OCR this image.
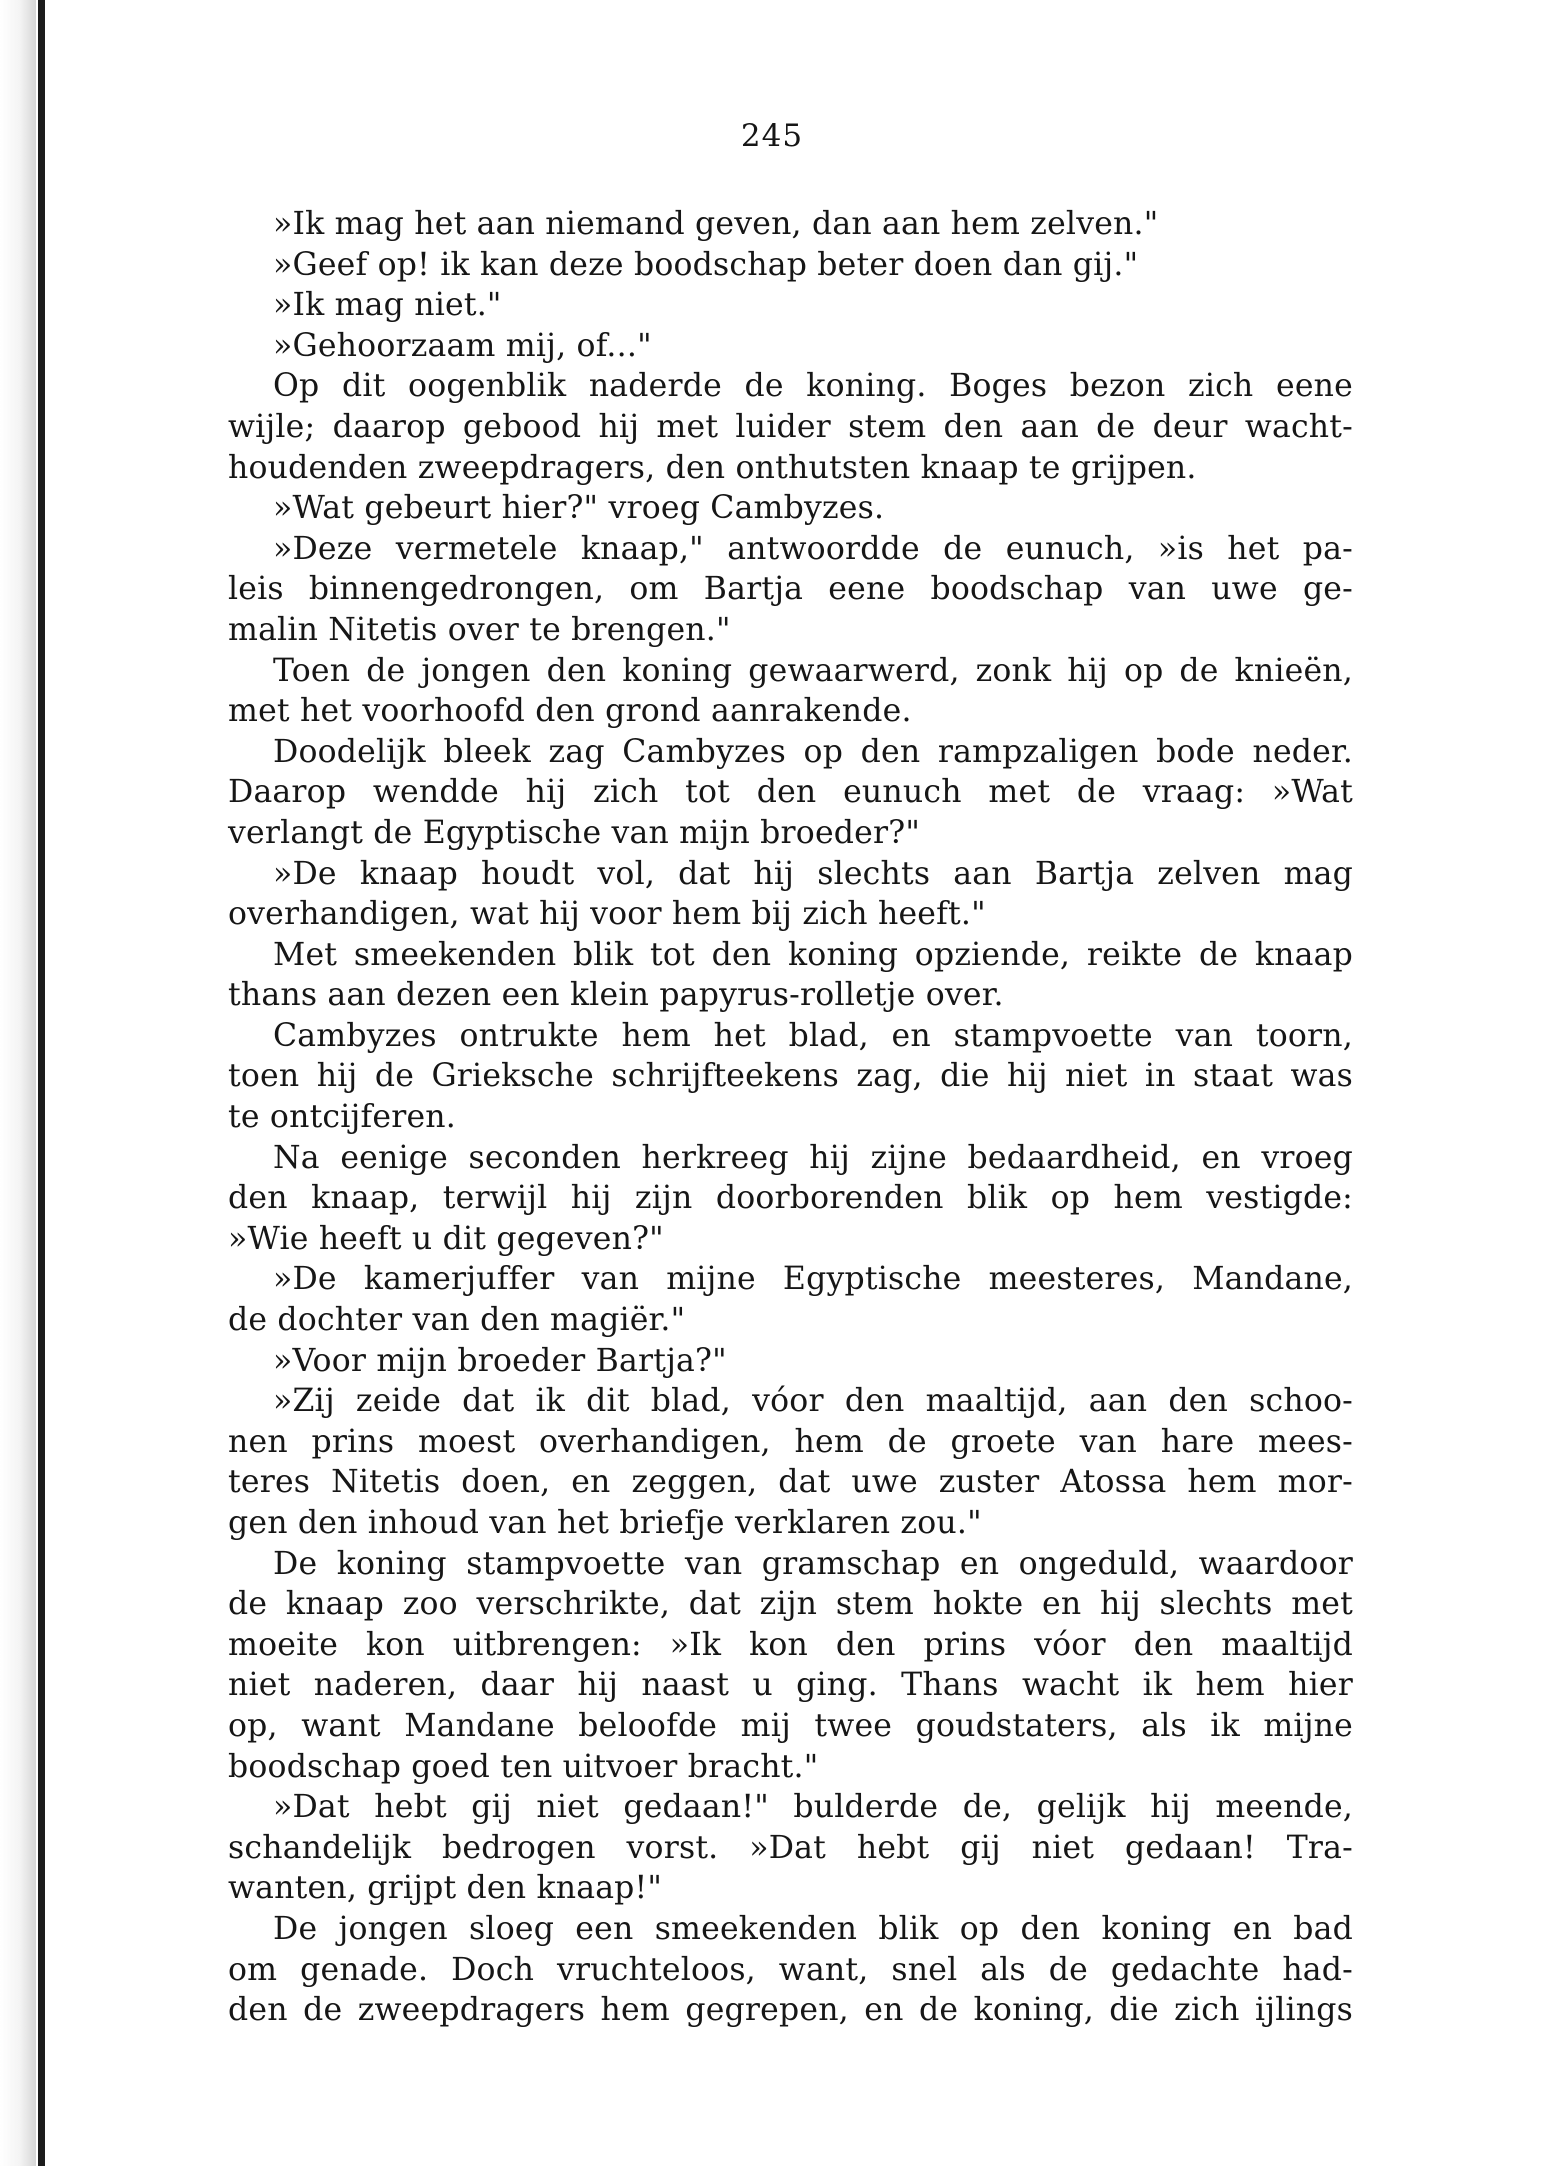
245
»Ik mag het aan niemand geven, dan aan hem zelven."
»Geef op! ik kan deze boodschap beter doen dan gij."
»Ik mag niet."
»Gehoorzaam mij, of..."
Op dit oogenblik naderde de koning. Boges bezon zich eene
wijle; daarop gebood hij met luider stem den aan de deur wacht-
houdenden zweepdragers, den onthutsten knaap te grijpen.
»Wat gebeurt hier?" vroeg Cambyzes.
»Deze vermetele knaap," antwoordde de eunuch, »is het pa-
leis binnengedrongen, om Bartja eene boodschap van uwe ge-
malin Nitetis over te brengen."
Toen de jongen den koning gewaarwerd, zonk hij op de knieën,
met het voorhoofd den grond aanrakende.
Doodelijk bleek zag Cambyzes op den rampzaligen bode neder.
Daarop wendde hij zich tot den eunuch met de vraag: »Wat
verlangt de Egyptische van mijn broeder?"
»De knaap houdt vol, dat hij slechts aan Bartja zelven mag
overhandigen, wat hij voor hem bij zich heeft."
Met smeekenden blik tot den koning opziende, reikte de knaap
thans aan dezen een klein papyrus-rolletje over.
Cambyzes ontrukte hem het blad, en stampvoette van toorn,
toen hij de Grieksche schrijfteekens zag, die hij niet in staat was
te ontcijferen.
Na eenige seconden herkreeg hij zijne bedaardheid, en vroeg
den knaap, terwijl hij zijn doorborenden blik op hem vestigde:
»Wie heeft u dit gegeven?"
»De kamerjuffer van mijne Egyptische meesteres, Mandane,
de dochter van den magiër."
»Voor mijn broeder Bartja?"
»Zij zeide dat ik dit blad, vóor den maaltijd, aan den schoo-
nen prins moest overhandigen, hem de groete van hare mees-
teres Nitetis doen, en zeggen, dat uwe zuster Atossa hem mor-
gen den inhoud van het briefje verklaren zou."
De koning stampvoette van gramschap en ongeduld, waardoor
de knaap zoo verschrikte, dat zijn stem hokte en hij slechts met
moeite kon uitbrengen: »Ik kon den prins vóor den maaltijd
niet naderen, daar hij naast u ging. Thans wacht ik hem hier
op, want Mandane beloofde mij twee goudstaters, als ik mijne
boodschap goed ten uitvoer bracht."
»Dat hebt gij niet gedaan!" bulderde de, gelijk hij meende,
schandelijk bedrogen vorst. »Dat hebt gij niet gedaan! Tra-
wanten, grijpt den knaap!"
De jongen sloeg een smeekenden blik op den koning en bad
om genade. Doch vruchteloos, want, snel als de gedachte had-
den de zweepdragers hem gegrepen, en de koning, die zich ijlings
